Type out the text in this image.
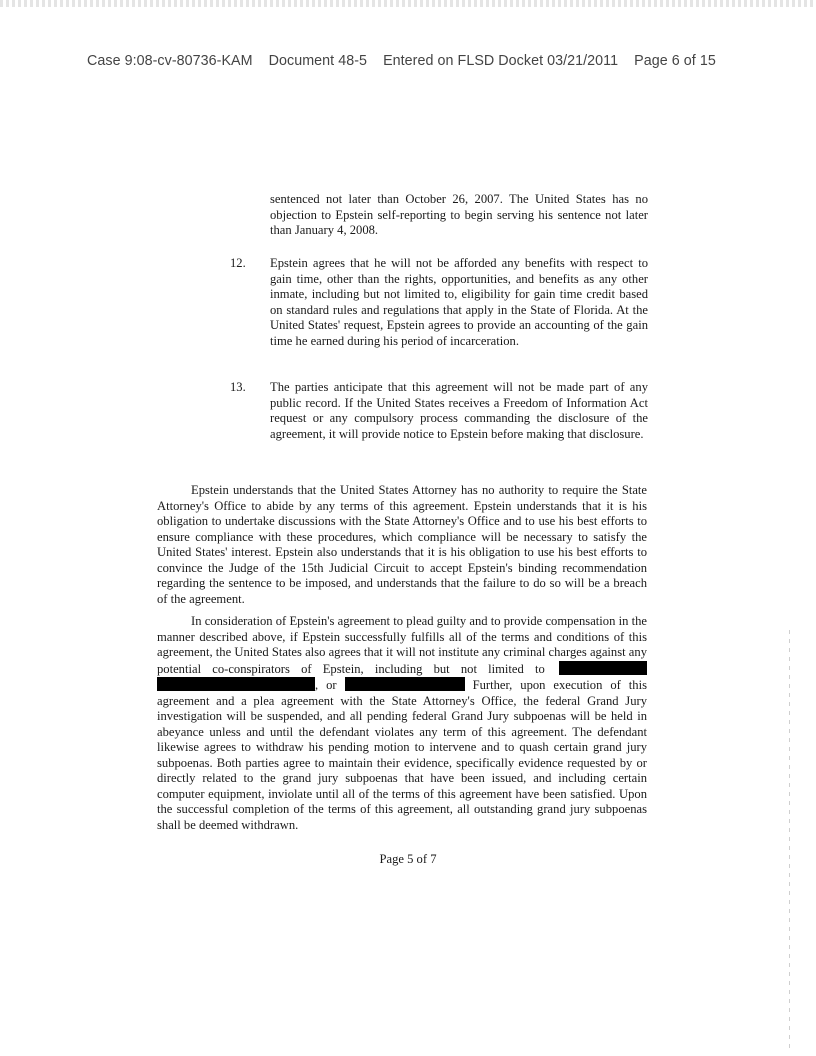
Case 9:08-cv-80736-KAM Document 48-5 Entered on FLSD Docket 03/21/2011 Page 6 of 15
sentenced not later than October 26, 2007. The United States has no objection to Epstein self-reporting to begin serving his sentence not later than January 4, 2008.
12.	Epstein agrees that he will not be afforded any benefits with respect to gain time, other than the rights, opportunities, and benefits as any other inmate, including but not limited to, eligibility for gain time credit based on standard rules and regulations that apply in the State of Florida. At the United States' request, Epstein agrees to provide an accounting of the gain time he earned during his period of incarceration.
13.	The parties anticipate that this agreement will not be made part of any public record. If the United States receives a Freedom of Information Act request or any compulsory process commanding the disclosure of the agreement, it will provide notice to Epstein before making that disclosure.
Epstein understands that the United States Attorney has no authority to require the State Attorney's Office to abide by any terms of this agreement. Epstein understands that it is his obligation to undertake discussions with the State Attorney's Office and to use his best efforts to ensure compliance with these procedures, which compliance will be necessary to satisfy the United States' interest. Epstein also understands that it is his obligation to use his best efforts to convince the Judge of the 15th Judicial Circuit to accept Epstein's binding recommendation regarding the sentence to be imposed, and understands that the failure to do so will be a breach of the agreement.
In consideration of Epstein's agreement to plead guilty and to provide compensation in the manner described above, if Epstein successfully fulfills all of the terms and conditions of this agreement, the United States also agrees that it will not institute any criminal charges against any potential co-conspirators of Epstein, including but not limited to  , or	Further, upon execution of this agreement and a plea agreement with the State Attorney's Office, the federal Grand Jury investigation will be suspended, and all pending federal Grand Jury subpoenas will be held in abeyance unless and until the defendant violates any term of this agreement. The defendant likewise agrees to withdraw his pending motion to intervene and to quash certain grand jury subpoenas. Both parties agree to maintain their evidence, specifically evidence requested by or directly related to the grand jury subpoenas that have been issued, and including certain computer equipment, inviolate until all of the terms of this agreement have been satisfied. Upon the successful completion of the terms of this agreement, all outstanding grand jury subpoenas shall be deemed withdrawn.
Page 5 of 7
